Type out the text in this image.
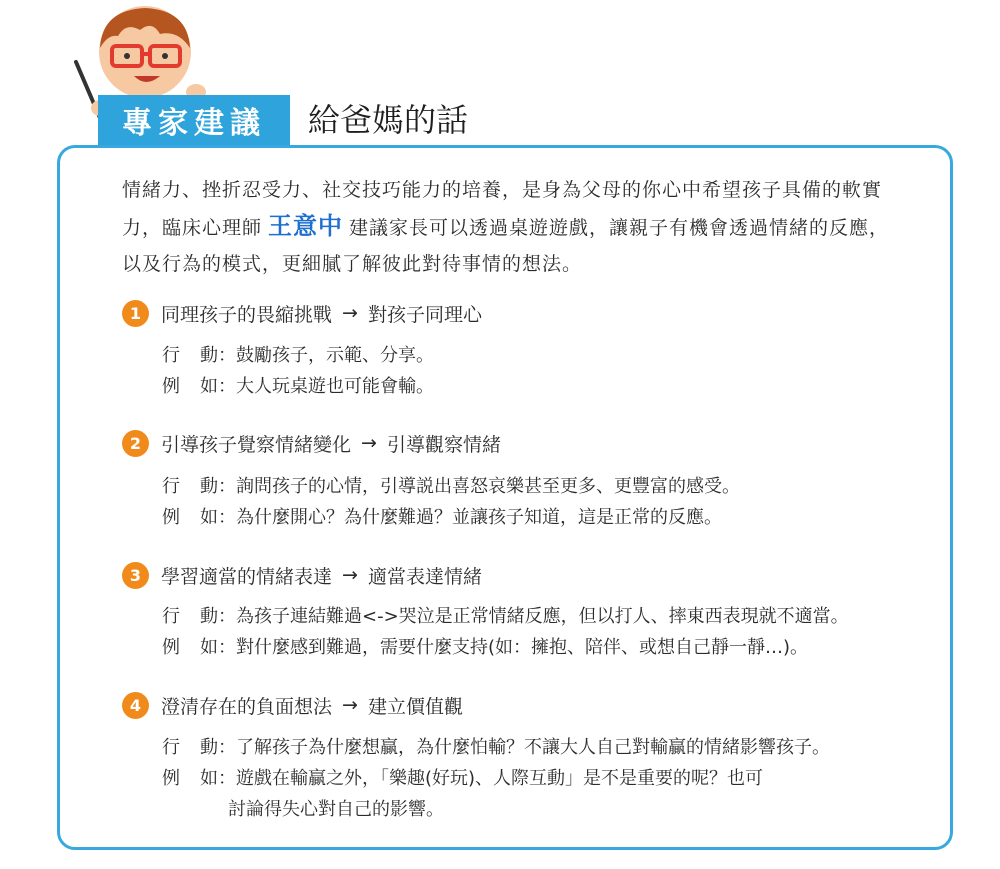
專家建議	給爸媽的話
情緒力、挫折忍受力、社交技巧能力的培養，是身為父母的你心中希望孩子具備的軟實力，臨床心理師 王意中 建議家長可以透過桌遊遊戲，讓親子有機會透過情緒的反應，以及行為的模式，更細膩了解彼此對待事情的想法。
1	同理孩子的畏縮挑戰 → 對孩子同理心
行	動： 鼓勵孩子，示範、分享。
例	如： 大人玩桌遊也可能會輸。
2	引導孩子覺察情緒變化 → 引導觀察情緒
行	動： 詢問孩子的心情，引導説出喜怒哀樂甚至更多、更豐富的感受。
例	如： 為什麼開心？為什麼難過？並讓孩子知道，這是正常的反應。
3	學習適當的情緒表達 → 適當表達情緒
行	動： 為孩子連結難過<->哭泣是正常情緒反應，但以打人、摔東西表現就不適當。
例	如： 對什麼感到難過，需要什麼支持(如：擁抱、陪伴、或想自己靜一靜…)。
4	澄清存在的負面想法 → 建立價值觀
行	動： 了解孩子為什麼想贏，為什麼怕輸？不讓大人自己對輸贏的情緒影響孩子。
例	如： 遊戲在輸贏之外，「樂趣(好玩)、人際互動」是不是重要的呢？也可
討論得失心對自己的影響。
